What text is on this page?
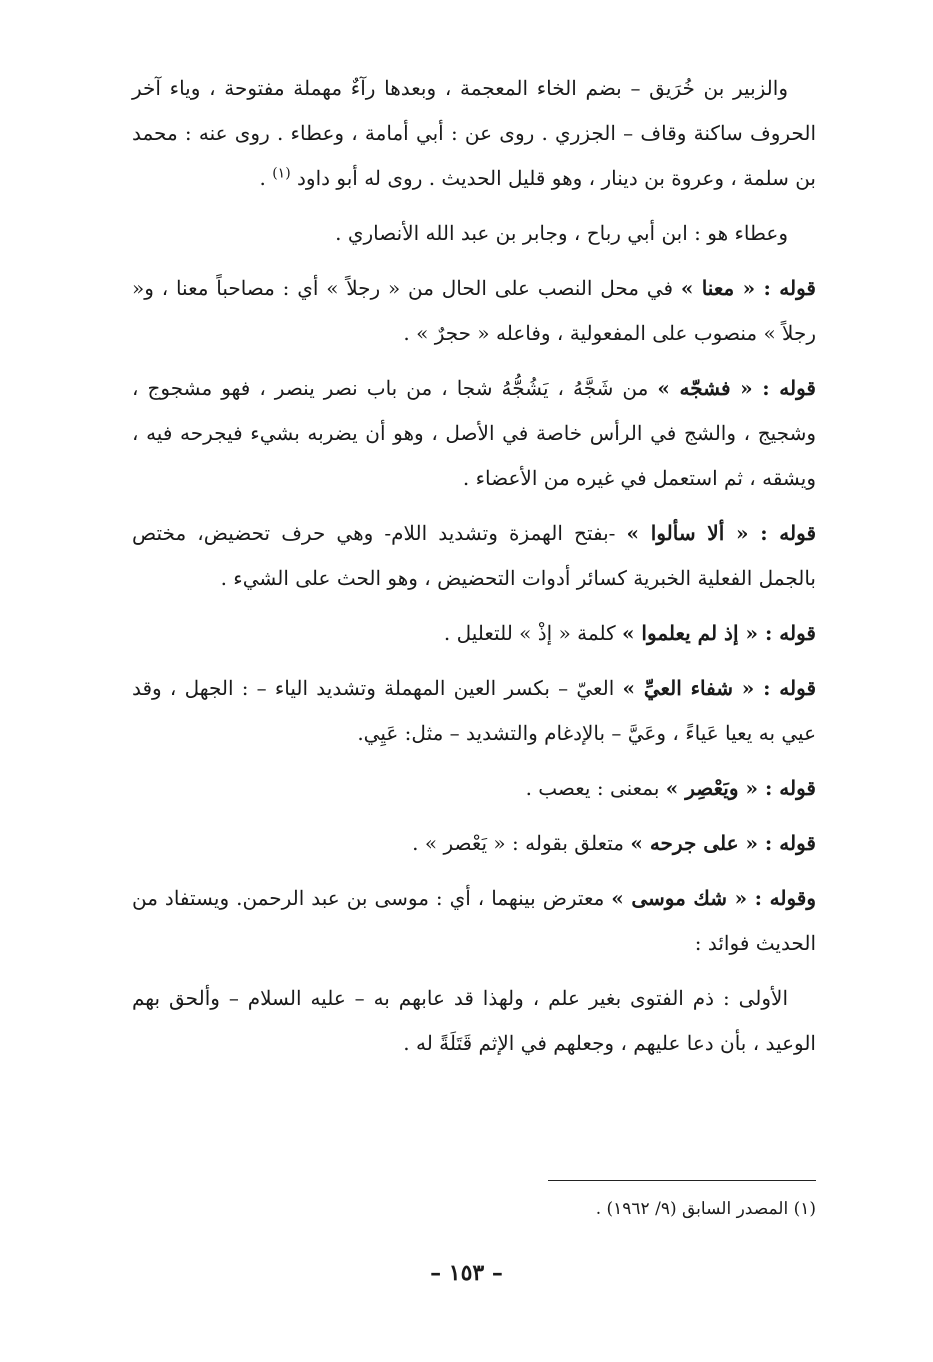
والزبير بن خُرَيق – بضم الخاء المعجمة ، وبعدها رآءٌ مهملة مفتوحة ، وياء آخر الحروف ساكنة وقاف – الجزري . روى عن : أبي أمامة ، وعطاء . روى عنه : محمد بن سلمة ، وعروة بن دينار ، وهو قليل الحديث . روى له أبو داود $^{(١)}$ .

وعطاء هو : ابن أبي رباح ، وجابر بن عبد الله الأنصاري .

قوله : « معنا » في محل النصب على الحال من « رجلاً » أي : مصاحباً معنا ، و« رجلاً » منصوب على المفعولية ، وفاعله « حجرٌ » .

قوله : « فشجّه » من شَجَّهُ ، يَشُجُّهُ شجا ، من باب نصر ينصر ، فهو مشجوج ، وشجيج ، والشج في الرأس خاصة في الأصل ، وهو أن يضربه بشيء فيجرحه فيه ، ويشقه ، ثم استعمل في غيره من الأعضاء .

قوله : « ألا سألوا » -بفتح الهمزة وتشديد اللام- وهي حرف تحضيض، مختص بالجمل الفعلية الخبرية كسائر أدوات التحضيض ، وهو الحث على الشيء .

قوله : « إذ لم يعلموا » كلمة « إذْ » للتعليل .

قوله : « شفاء العيِّ » العيّ – بكسر العين المهملة وتشديد الياء – : الجهل ، وقد عيي به يعيا عَياءً ، وعَيَّ – بالإدغام والتشديد – مثل: عَيِي.

قوله : « ويَعْصِر » بمعنى : يعصب .

قوله : « على جرحه » متعلق بقوله : « يَعْصر » .

وقوله : « شك موسى » معترض بينهما ، أي : موسى بن عبد الرحمن. ويستفاد من الحديث فوائد :

الأولى : ذم الفتوى بغير علم ، ولهذا قد عابهم به – عليه السلام – وألحق بهم الوعيد ، بأن دعا عليهم ، وجعلهم في الإثم قَتَلَةً له .

(١) المصدر السابق (٩/ ١٩٦٢) .
– ١٥٣ –
